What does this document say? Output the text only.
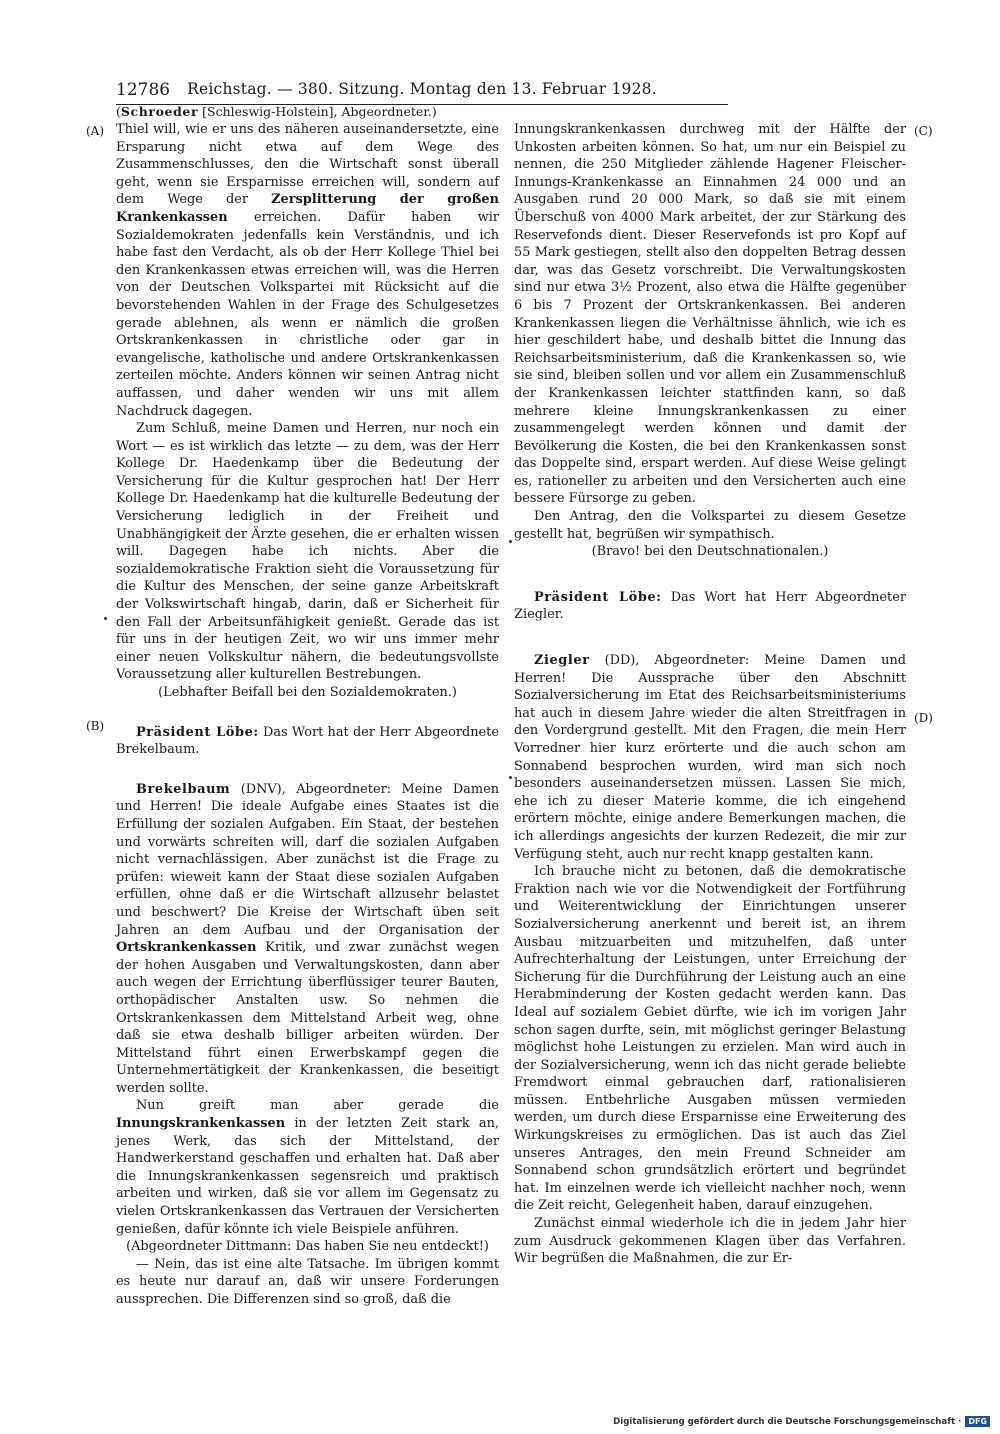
12786	Reichstag. — 380. Sitzung. Montag den 13. Februar 1928.
(Schroeder [Schleswig-Holstein], Abgeordneter.)
(A)
(B)
(C)
(D)

Thiel will, wie er uns des näheren auseinandersetzte, eine Ersparung nicht etwa auf dem Wege des Zusammenschlusses, den die Wirtschaft sonst überall geht, wenn sie Ersparnisse erreichen will, sondern auf dem Wege der Zersplitterung der großen Krankenkassen erreichen. Dafür haben wir Sozialdemokraten jedenfalls kein Verständnis, und ich habe fast den Verdacht, als ob der Herr Kollege Thiel bei den Krankenkassen etwas erreichen will, was die Herren von der Deutschen Volkspartei mit Rücksicht auf die bevorstehenden Wahlen in der Frage des Schulgesetzes gerade ablehnen, als wenn er nämlich die großen Ortskrankenkassen in christliche oder gar in evangelische, katholische und andere Ortskrankenkassen zerteilen möchte. Anders können wir seinen Antrag nicht auffassen, und daher wenden wir uns mit allem Nachdruck dagegen.

Zum Schluß, meine Damen und Herren, nur noch ein Wort — es ist wirklich das letzte — zu dem, was der Herr Kollege Dr. Haedenkamp über die Bedeutung der Versicherung für die Kultur gesprochen hat! Der Herr Kollege Dr. Haedenkamp hat die kulturelle Bedeutung der Versicherung lediglich in der Freiheit und Unabhängigkeit der Ärzte gesehen, die er erhalten wissen will. Dagegen habe ich nichts. Aber die sozialdemokratische Fraktion sieht die Voraussetzung für die Kultur des Menschen, der seine ganze Arbeitskraft der Volkswirtschaft hingab, darin, daß er Sicherheit für den Fall der Arbeitsunfähigkeit genießt. Gerade das ist für uns in der heutigen Zeit, wo wir uns immer mehr einer neuen Volkskultur nähern, die bedeutungsvollste Voraussetzung aller kulturellen Bestrebungen.

(Lebhafter Beifall bei den Sozialdemokraten.)

Präsident Löbe: Das Wort hat der Herr Abgeordnete Brekelbaum.

Brekelbaum (DNV), Abgeordneter: Meine Damen und Herren! Die ideale Aufgabe eines Staates ist die Erfüllung der sozialen Aufgaben. Ein Staat, der bestehen und vorwärts schreiten will, darf die sozialen Aufgaben nicht vernachlässigen. Aber zunächst ist die Frage zu prüfen: wieweit kann der Staat diese sozialen Aufgaben erfüllen, ohne daß er die Wirtschaft allzusehr belastet und beschwert? Die Kreise der Wirtschaft üben seit Jahren an dem Aufbau und der Organisation der Ortskrankenkassen Kritik, und zwar zunächst wegen der hohen Ausgaben und Verwaltungskosten, dann aber auch wegen der Errichtung überflüssiger teurer Bauten, orthopädischer Anstalten usw. So nehmen die Ortskrankenkassen dem Mittelstand Arbeit weg, ohne daß sie etwa deshalb billiger arbeiten würden. Der Mittelstand führt einen Erwerbskampf gegen die Unternehmertätigkeit der Krankenkassen, die beseitigt werden sollte.

Nun greift man aber gerade die Innungskrankenkassen in der letzten Zeit stark an, jenes Werk, das sich der Mittelstand, der Handwerkerstand geschaffen und erhalten hat. Daß aber die Innungskrankenkassen segensreich und praktisch arbeiten und wirken, daß sie vor allem im Gegensatz zu vielen Ortskrankenkassen das Vertrauen der Versicherten genießen, dafür könnte ich viele Beispiele anführen.

(Abgeordneter Dittmann: Das haben Sie neu entdeckt!)

— Nein, das ist eine alte Tatsache. Im übrigen kommt es heute nur darauf an, daß wir unsere Forderungen aussprechen. Die Differenzen sind so groß, daß die

Innungskrankenkassen durchweg mit der Hälfte der Unkosten arbeiten können. So hat, um nur ein Beispiel zu nennen, die 250 Mitglieder zählende Hagener Fleischer-Innungs-Krankenkasse an Einnahmen 24 000 und an Ausgaben rund 20 000 Mark, so daß sie mit einem Überschuß von 4000 Mark arbeitet, der zur Stärkung des Reservefonds dient. Dieser Reservefonds ist pro Kopf auf 55 Mark gestiegen, stellt also den doppelten Betrag dessen dar, was das Gesetz vorschreibt. Die Verwaltungskosten sind nur etwa 3½ Prozent, also etwa die Hälfte gegenüber 6 bis 7 Prozent der Ortskrankenkassen. Bei anderen Krankenkassen liegen die Verhältnisse ähnlich, wie ich es hier geschildert habe, und deshalb bittet die Innung das Reichsarbeitsministerium, daß die Krankenkassen so, wie sie sind, bleiben sollen und vor allem ein Zusammenschluß der Krankenkassen leichter stattfinden kann, so daß mehrere kleine Innungskrankenkassen zu einer zusammengelegt werden können und damit der Bevölkerung die Kosten, die bei den Krankenkassen sonst das Doppelte sind, erspart werden. Auf diese Weise gelingt es, rationeller zu arbeiten und den Versicherten auch eine bessere Fürsorge zu geben.

Den Antrag, den die Volkspartei zu diesem Gesetze gestellt hat, begrüßen wir sympathisch.

(Bravo! bei den Deutschnationalen.)

Präsident Löbe: Das Wort hat Herr Abgeordneter Ziegler.

Ziegler (DD), Abgeordneter: Meine Damen und Herren! Die Aussprache über den Abschnitt Sozialversicherung im Etat des Reichsarbeitsministeriums hat auch in diesem Jahre wieder die alten Streitfragen in den Vordergrund gestellt. Mit den Fragen, die mein Herr Vorredner hier kurz erörterte und die auch schon am Sonnabend besprochen wurden, wird man sich noch besonders auseinandersetzen müssen. Lassen Sie mich, ehe ich zu dieser Materie komme, die ich eingehend erörtern möchte, einige andere Bemerkungen machen, die ich allerdings angesichts der kurzen Redezeit, die mir zur Verfügung steht, auch nur recht knapp gestalten kann.

Ich brauche nicht zu betonen, daß die demokratische Fraktion nach wie vor die Notwendigkeit der Fortführung und Weiterentwicklung der Einrichtungen unserer Sozialversicherung anerkennt und bereit ist, an ihrem Ausbau mitzuarbeiten und mitzuhelfen, daß unter Aufrechterhaltung der Leistungen, unter Erreichung der Sicherung für die Durchführung der Leistung auch an eine Herabminderung der Kosten gedacht werden kann. Das Ideal auf sozialem Gebiet dürfte, wie ich im vorigen Jahr schon sagen durfte, sein, mit möglichst geringer Belastung möglichst hohe Leistungen zu erzielen. Man wird auch in der Sozialversicherung, wenn ich das nicht gerade beliebte Fremdwort einmal gebrauchen darf, rationalisieren müssen. Entbehrliche Ausgaben müssen vermieden werden, um durch diese Ersparnisse eine Erweiterung des Wirkungskreises zu ermöglichen. Das ist auch das Ziel unseres Antrages, den mein Freund Schneider am Sonnabend schon grundsätzlich erörtert und begründet hat. Im einzelnen werde ich vielleicht nachher noch, wenn die Zeit reicht, Gelegenheit haben, darauf einzugehen.

Zunächst einmal wiederhole ich die in jedem Jahr hier zum Ausdruck gekommenen Klagen über das Verfahren. Wir begrüßen die Maßnahmen, die zur Er-

Digitalisierung gefördert durch die Deutsche Forschungsgemeinschaft · DFG
